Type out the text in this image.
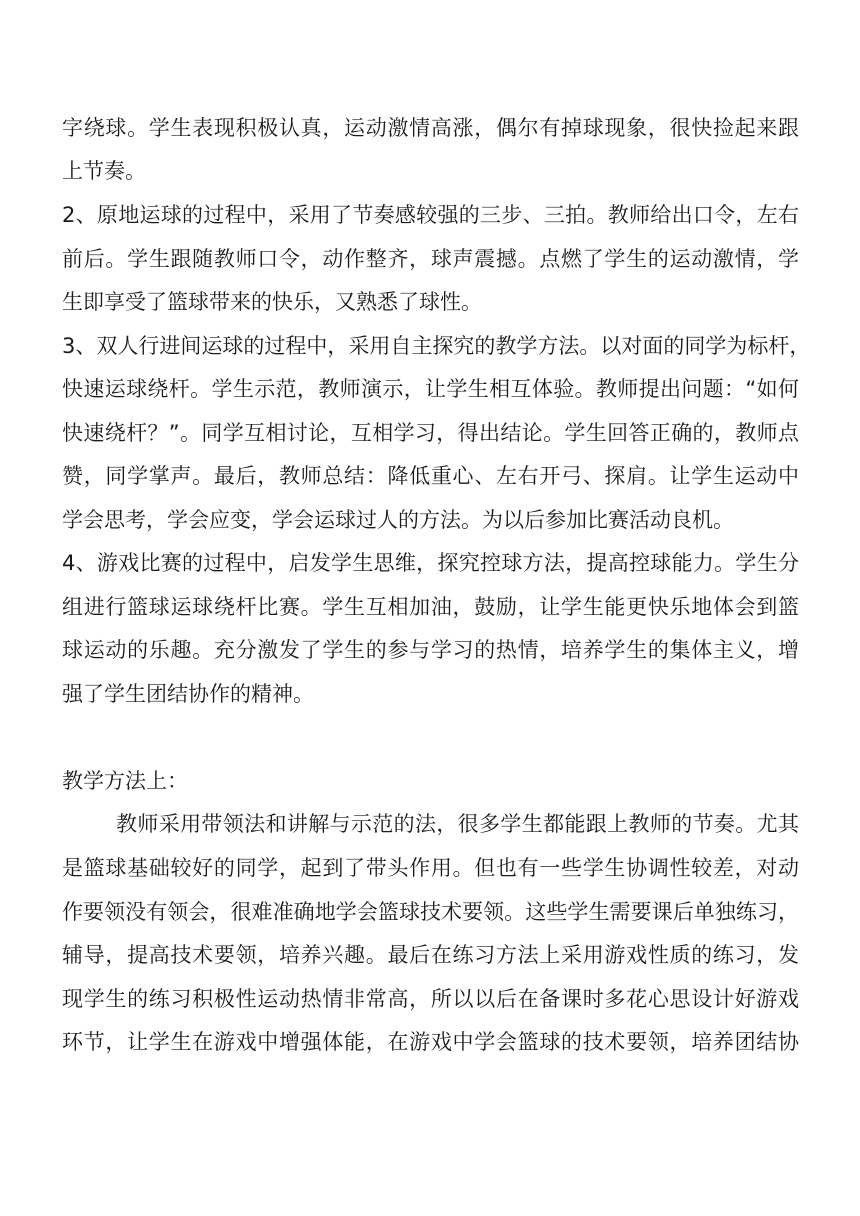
字绕球。学生表现积极认真，运动激情高涨，偶尔有掉球现象，很快捡起来跟
上节奏。
2、原地运球的过程中，采用了节奏感较强的三步、三拍。教师给出口令，左右
前后。学生跟随教师口令，动作整齐，球声震撼。点燃了学生的运动激情，学
生即享受了篮球带来的快乐，又熟悉了球性。
3、双人行进间运球的过程中，采用自主探究的教学方法。以对面的同学为标杆，
快速运球绕杆。学生示范，教师演示，让学生相互体验。教师提出问题：“如何
快速绕杆？”。同学互相讨论，互相学习，得出结论。学生回答正确的，教师点
赞，同学掌声。最后，教师总结：降低重心、左右开弓、探肩。让学生运动中
学会思考，学会应变，学会运球过人的方法。为以后参加比赛活动良机。
4、游戏比赛的过程中，启发学生思维，探究控球方法，提高控球能力。学生分
组进行篮球运球绕杆比赛。学生互相加油，鼓励，让学生能更快乐地体会到篮
球运动的乐趣。充分激发了学生的参与学习的热情，培养学生的集体主义，增
强了学生团结协作的精神。
教学方法上：
教师采用带领法和讲解与示范的法，很多学生都能跟上教师的节奏。尤其
是篮球基础较好的同学，起到了带头作用。但也有一些学生协调性较差，对动
作要领没有领会，很难准确地学会篮球技术要领。这些学生需要课后单独练习，
辅导，提高技术要领，培养兴趣。最后在练习方法上采用游戏性质的练习，发
现学生的练习积极性运动热情非常高，所以以后在备课时多花心思设计好游戏
环节，让学生在游戏中增强体能，在游戏中学会篮球的技术要领，培养团结协
